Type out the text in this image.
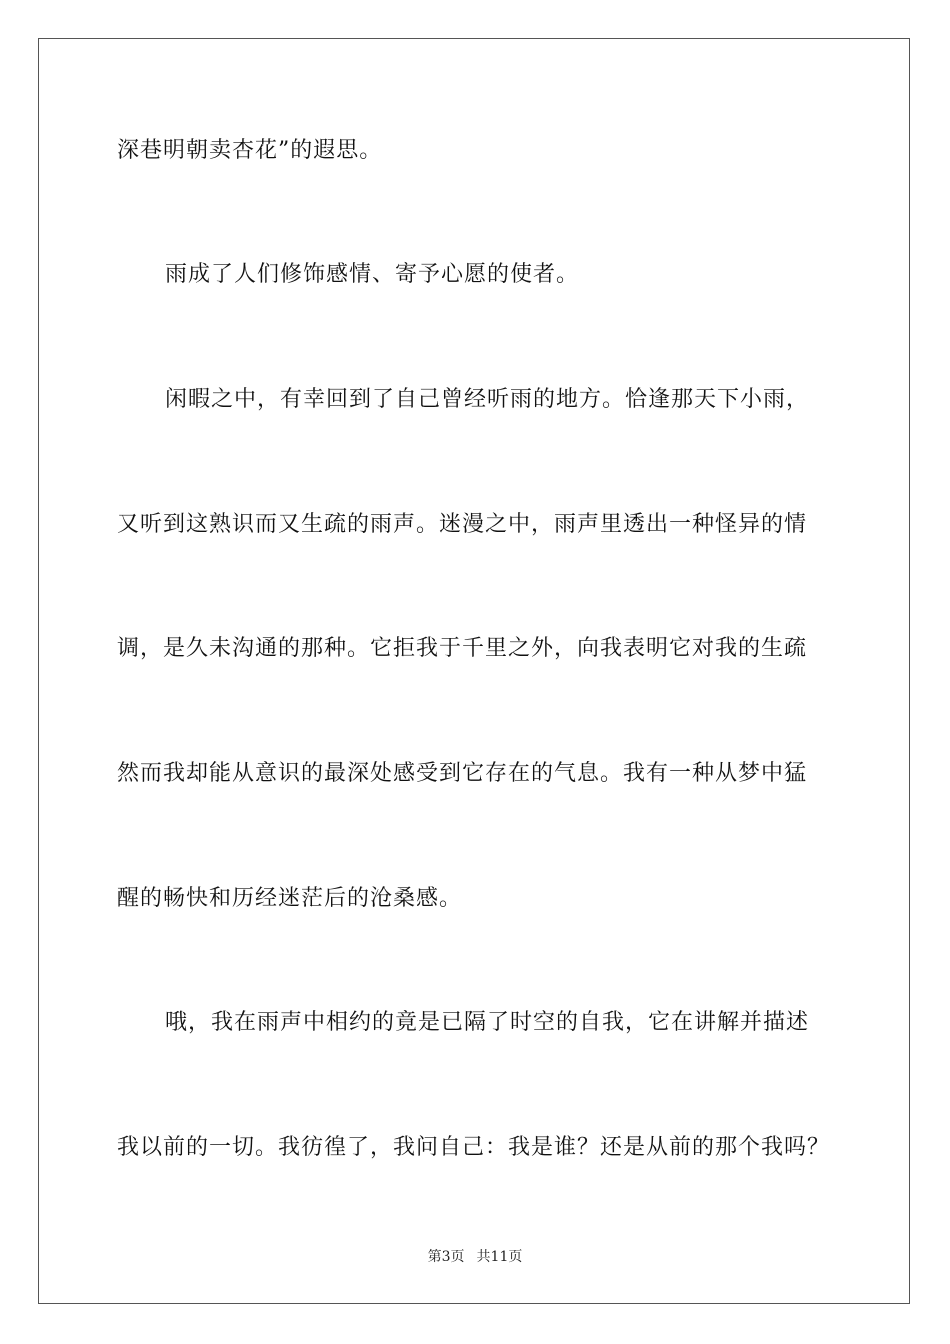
深巷明朝卖杏花”的遐思。
雨成了人们修饰感情、寄予心愿的使者。
闲暇之中，有幸回到了自己曾经听雨的地方。恰逢那天下小雨，
又听到这熟识而又生疏的雨声。迷漫之中，雨声里透出一种怪异的情
调，是久未沟通的那种。它拒我于千里之外，向我表明它对我的生疏
然而我却能从意识的最深处感受到它存在的气息。我有一种从梦中猛
醒的畅快和历经迷茫后的沧桑感。
哦，我在雨声中相约的竟是已隔了时空的自我，它在讲解并描述
我以前的一切。我彷徨了，我问自己：我是谁？还是从前的那个我吗？
第3页 共11页
